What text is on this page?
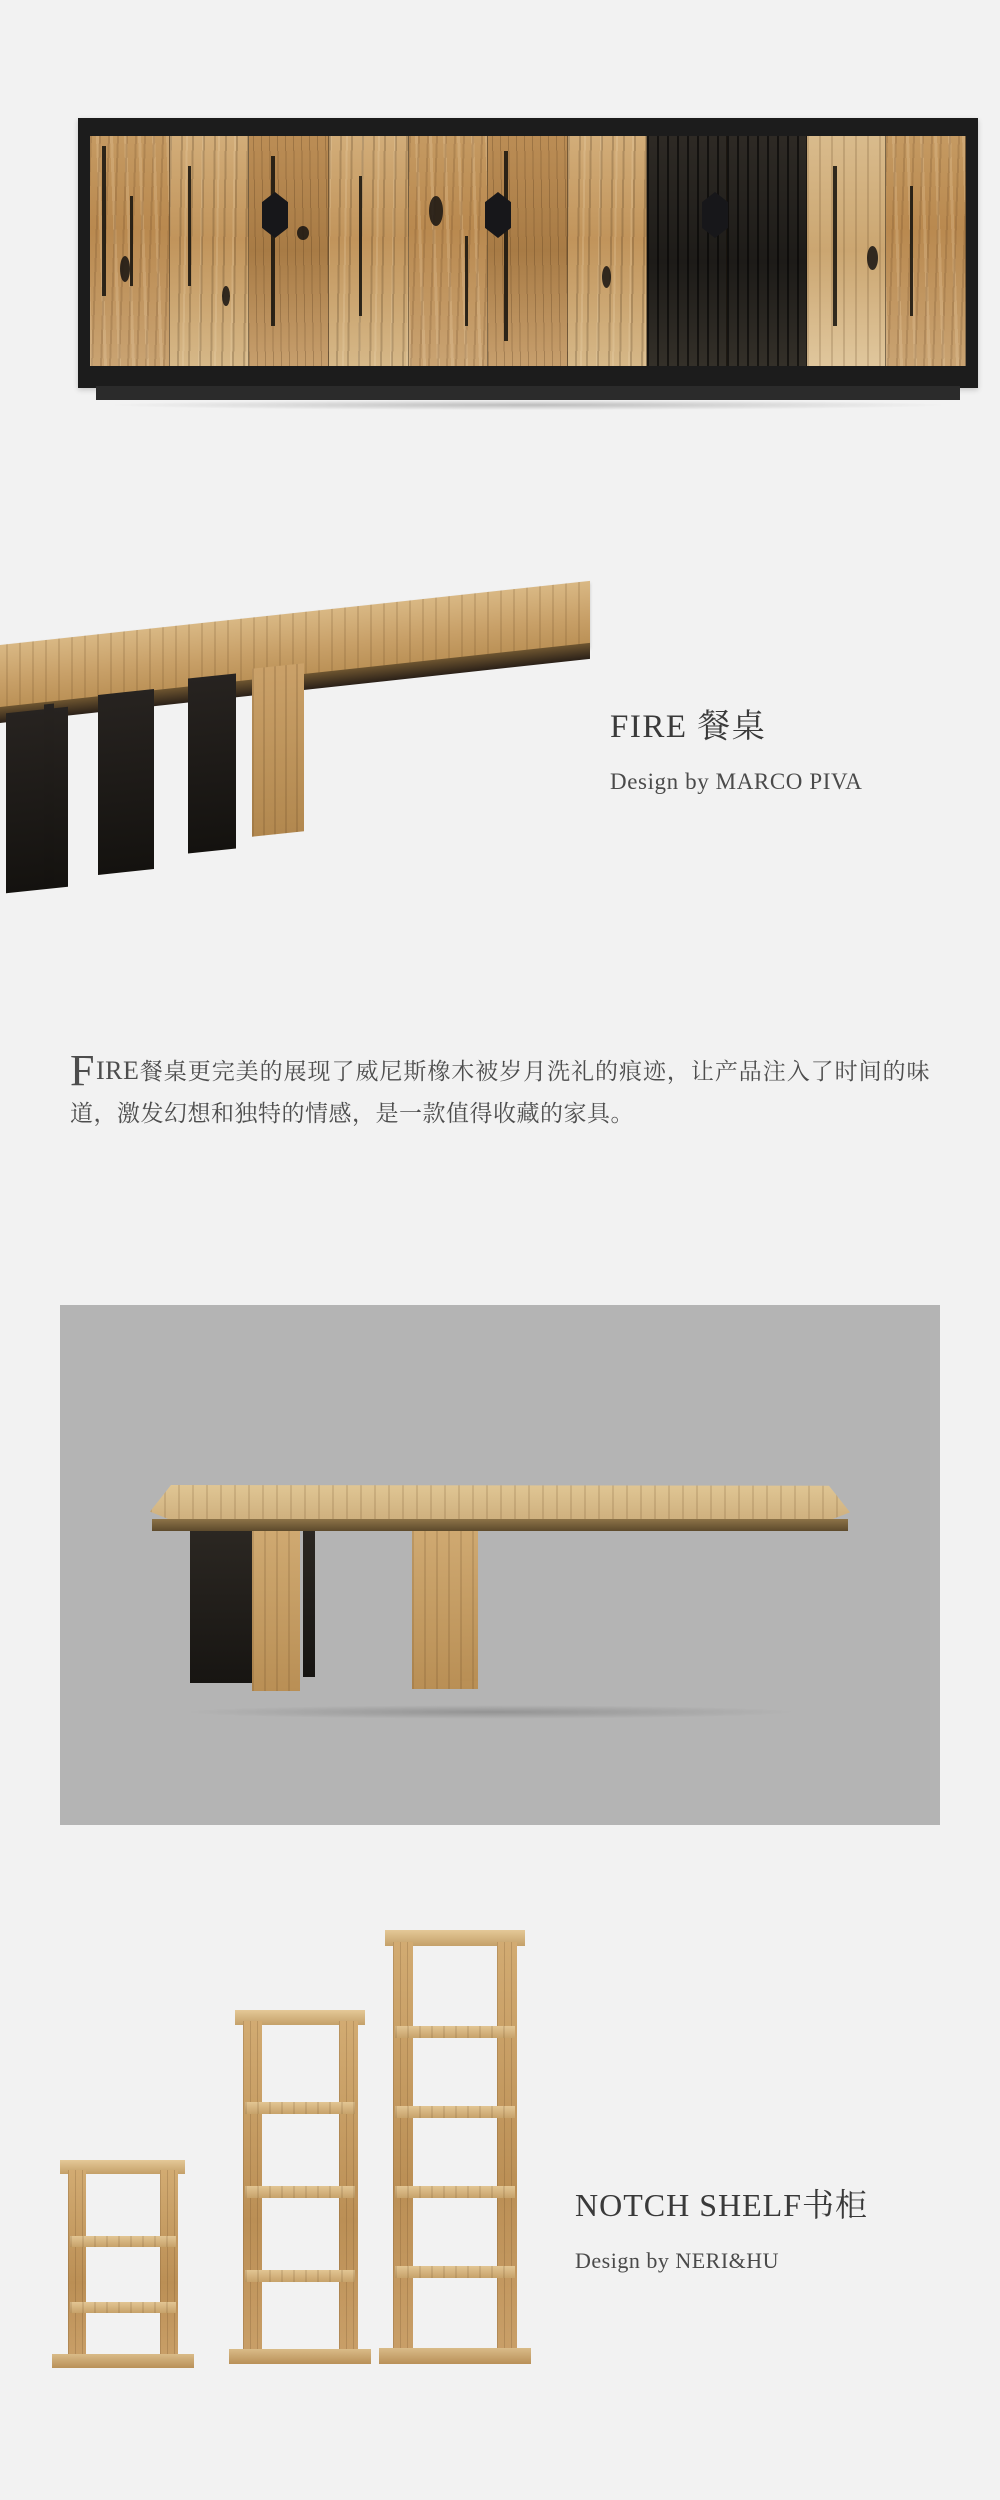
FIRE 餐桌

Design by MARCO PIVA

FIRE餐桌更完美的展现了威尼斯橡木被岁月洗礼的痕迹，让产品注入了时间的味道，激发幻想和独特的情感，是一款值得收藏的家具。

NOTCH SHELF书柜

Design by NERI&HU
